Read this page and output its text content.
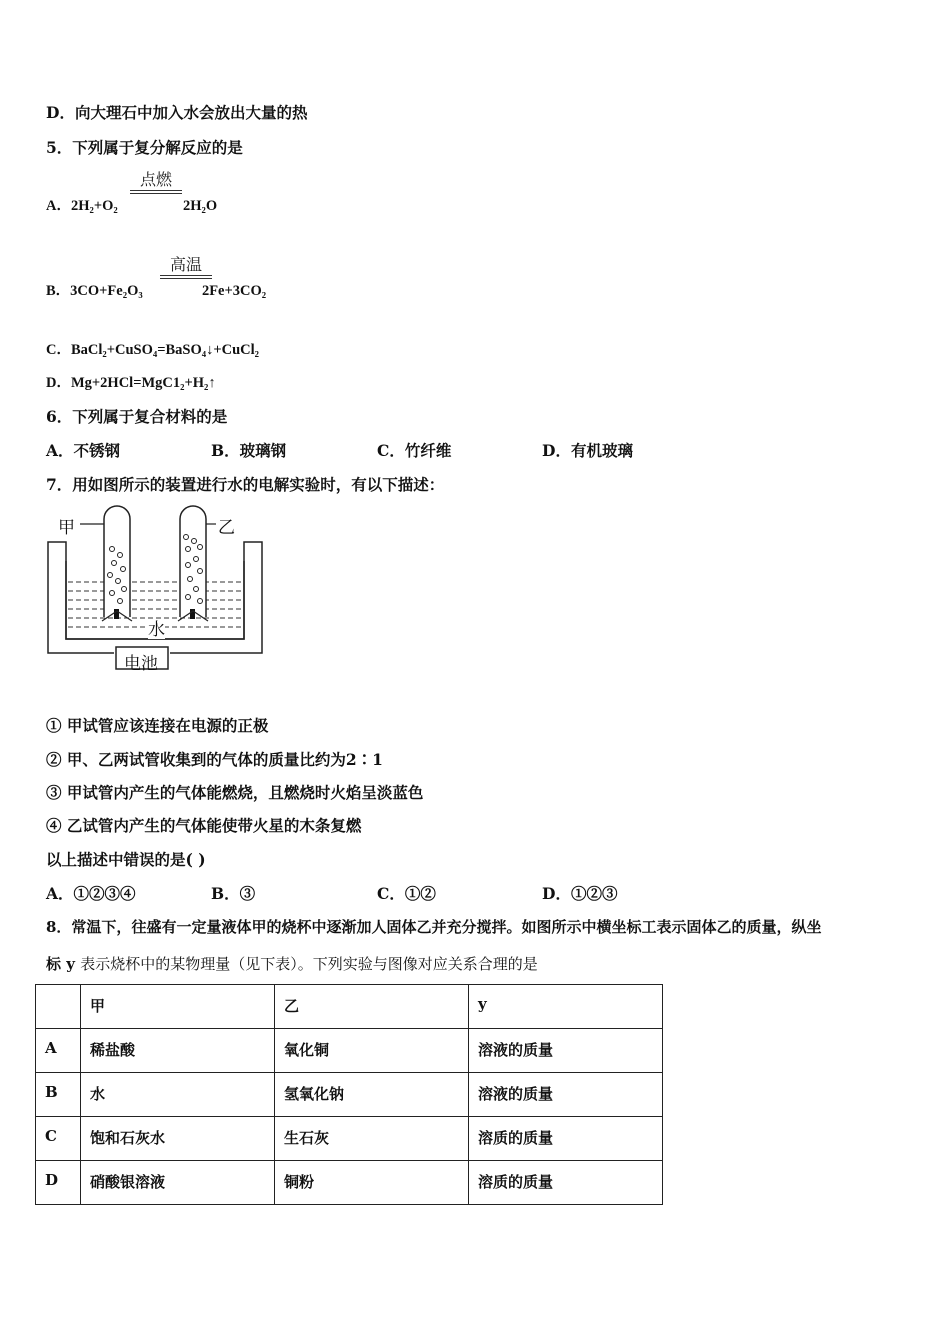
D．向大理石中加入水会放出大量的热
5．下列属于复分解反应的是
A．2H₂+O₂	2H₂O
点燃
B．3CO+Fe₂O₃	2Fe+3CO₂
高温
C．BaCl₂+CuSO₄=BaSO₄↓+CuCl₂
D．Mg+2HCl=MgC1₂+H₂↑
6．下列属于复合材料的是
A．不锈钢	B．玻璃钢	C．竹纤维	D．有机玻璃
7．用如图所示的装置进行水的电解实验时，有以下描述：
甲	乙
水
电池
① 甲试管应该连接在电源的正极
② 甲、乙两试管收集到的气体的质量比约为2∶1
③ 甲试管内产生的气体能燃烧，且燃烧时火焰呈淡蓝色
④ 乙试管内产生的气体能使带火星的木条复燃
以上描述中错误的是( )
A．①②③④	B．③	C．①②	D．①②③
8．常温下，往盛有一定量液体甲的烧杯中逐渐加人固体乙并充分搅拌。如图所示中横坐标工表示固体乙的质量，纵坐
标 y 表示烧杯中的某物理量（见下表）。下列实验与图像对应关系合理的是
	甲	乙	y
A	稀盐酸	氧化铜	溶液的质量
B	水	氢氧化钠	溶液的质量
C	饱和石灰水	生石灰	溶质的质量
D	硝酸银溶液	铜粉	溶质的质量
